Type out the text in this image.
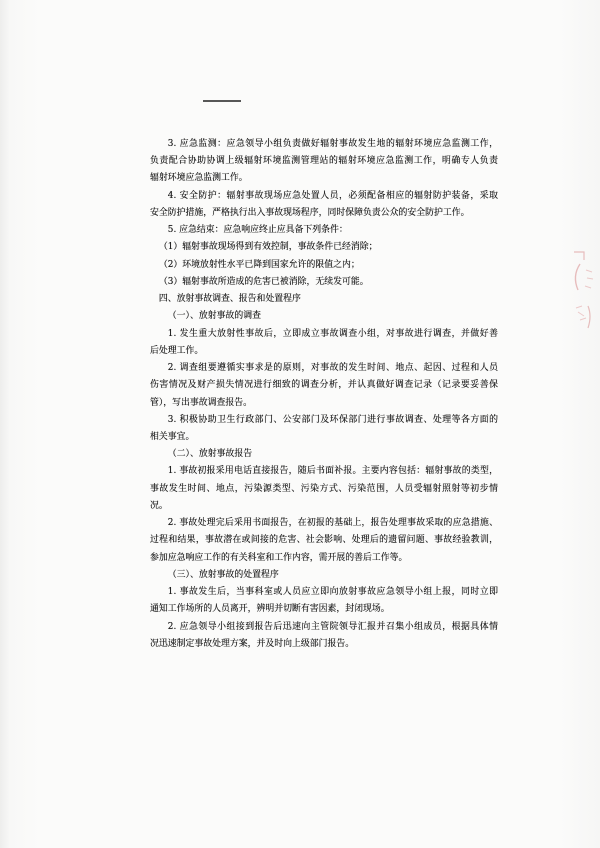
3. 应急监测：应急领导小组负责做好辐射事故发生地的辐射环境应急监测工作，
负责配合协助协调上级辐射环境监测管理站的辐射环境应急监测工作，明确专人负责
辐射环境应急监测工作。
4. 安全防护：辐射事故现场应急处置人员，必须配备相应的辐射防护装备，采取
安全防护措施，严格执行出入事故现场程序，同时保障负责公众的安全防护工作。
5. 应急结束：应急响应终止应具备下列条件：
（1）辐射事故现场得到有效控制，事故条件已经消除；
（2）环境放射性水平已降到国家允许的限值之内；
（3）辐射事故所造成的危害已被消除，无续发可能。
四、放射事故调查、报告和处置程序
（一）、放射事故的调查
1. 发生重大放射性事故后，立即成立事故调查小组，对事故进行调查，并做好善
后处理工作。
2. 调查组要遵循实事求是的原则，对事故的发生时间、地点、起因、过程和人员
伤害情况及财产损失情况进行细致的调查分析，并认真做好调查记录（记录要妥善保
管），写出事故调查报告。
3. 积极协助卫生行政部门、公安部门及环保部门进行事故调查、处理等各方面的
相关事宜。
（二）、放射事故报告
1. 事故初报采用电话直接报告，随后书面补报。主要内容包括：辐射事故的类型，
事故发生时间、地点，污染源类型、污染方式、污染范围，人员受辐射照射等初步情
况。
2. 事故处理完后采用书面报告，在初报的基础上，报告处理事故采取的应急措施、
过程和结果，事故潜在或间接的危害、社会影响、处理后的遗留问题、事故经验教训，
参加应急响应工作的有关科室和工作内容，需开展的善后工作等。
（三）、放射事故的处置程序
1. 事故发生后，当事科室或人员应立即向放射事故应急领导小组上报，同时立即
通知工作场所的人员离开，辨明并切断有害因素，封闭现场。
2. 应急领导小组接到报告后迅速向主管院领导汇报并召集小组成员，根据具体情
况迅速制定事故处理方案，并及时向上级部门报告。
